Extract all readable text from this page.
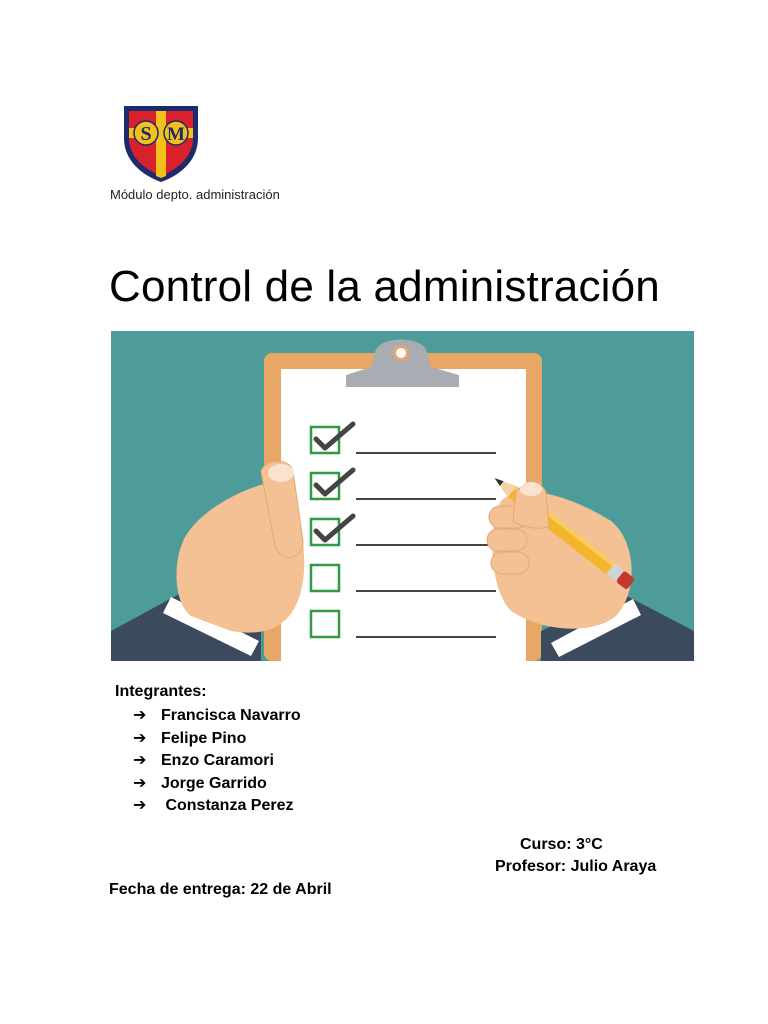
S M
Módulo depto. administración
Control de la administración
Integrantes:
➔ Francisca Navarro
➔ Felipe Pino
➔ Enzo Caramori
➔ Jorge Garrido
➔ Constanza Perez
Curso: 3°C
Profesor: Julio Araya
Fecha de entrega: 22 de Abril
